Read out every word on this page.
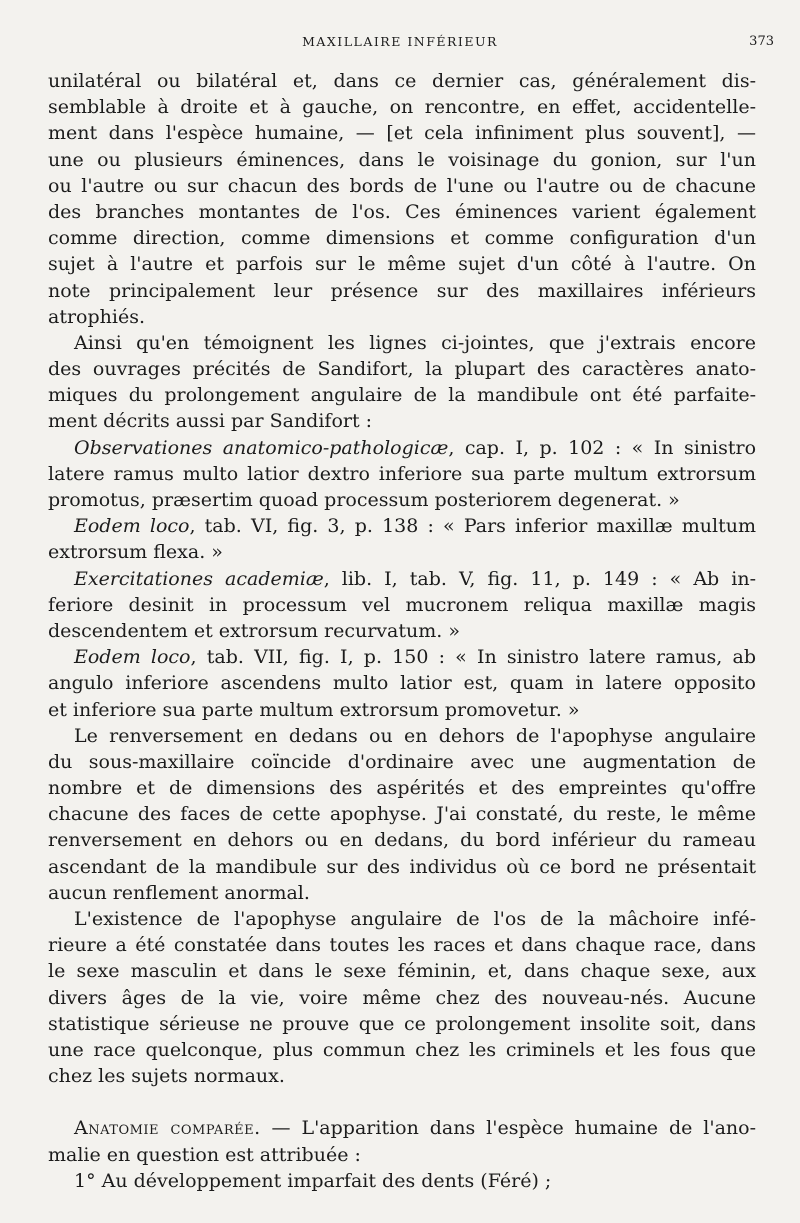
MAXILLAIRE INFÉRIEUR	373
unilatéral ou bilatéral et, dans ce dernier cas, généralement dis-
semblable à droite et à gauche, on rencontre, en effet, accidentelle-
ment dans l'espèce humaine, — [et cela infiniment plus souvent], —
une ou plusieurs éminences, dans le voisinage du gonion, sur l'un
ou l'autre ou sur chacun des bords de l'une ou l'autre ou de chacune
des branches montantes de l'os. Ces éminences varient également
comme direction, comme dimensions et comme configuration d'un
sujet à l'autre et parfois sur le même sujet d'un côté à l'autre. On
note principalement leur présence sur des maxillaires inférieurs
atrophiés.
Ainsi qu'en témoignent les lignes ci-jointes, que j'extrais encore
des ouvrages précités de Sandifort, la plupart des caractères anato-
miques du prolongement angulaire de la mandibule ont été parfaite-
ment décrits aussi par Sandifort :
Observationes anatomico-pathologicæ, cap. I, p. 102 : « In sinistro
latere ramus multo latior dextro inferiore sua parte multum extrorsum
promotus, præsertim quoad processum posteriorem degenerat. »
Eodem loco, tab. VI, fig. 3, p. 138 : « Pars inferior maxillæ multum
extrorsum flexa. »
Exercitationes academiæ, lib. I, tab. V, fig. 11, p. 149 : « Ab in-
feriore desinit in processum vel mucronem reliqua maxillæ magis
descendentem et extrorsum recurvatum. »
Eodem loco, tab. VII, fig. I, p. 150 : « In sinistro latere ramus, ab
angulo inferiore ascendens multo latior est, quam in latere opposito
et inferiore sua parte multum extrorsum promovetur. »
Le renversement en dedans ou en dehors de l'apophyse angulaire
du sous-maxillaire coïncide d'ordinaire avec une augmentation de
nombre et de dimensions des aspérités et des empreintes qu'offre
chacune des faces de cette apophyse. J'ai constaté, du reste, le même
renversement en dehors ou en dedans, du bord inférieur du rameau
ascendant de la mandibule sur des individus où ce bord ne présentait
aucun renflement anormal.
L'existence de l'apophyse angulaire de l'os de la mâchoire infé-
rieure a été constatée dans toutes les races et dans chaque race, dans
le sexe masculin et dans le sexe féminin, et, dans chaque sexe, aux
divers âges de la vie, voire même chez des nouveau-nés. Aucune
statistique sérieuse ne prouve que ce prolongement insolite soit, dans
une race quelconque, plus commun chez les criminels et les fous que
chez les sujets normaux.
Anatomie comparée. — L'apparition dans l'espèce humaine de l'ano-
malie en question est attribuée :
1° Au développement imparfait des dents (Féré) ;
